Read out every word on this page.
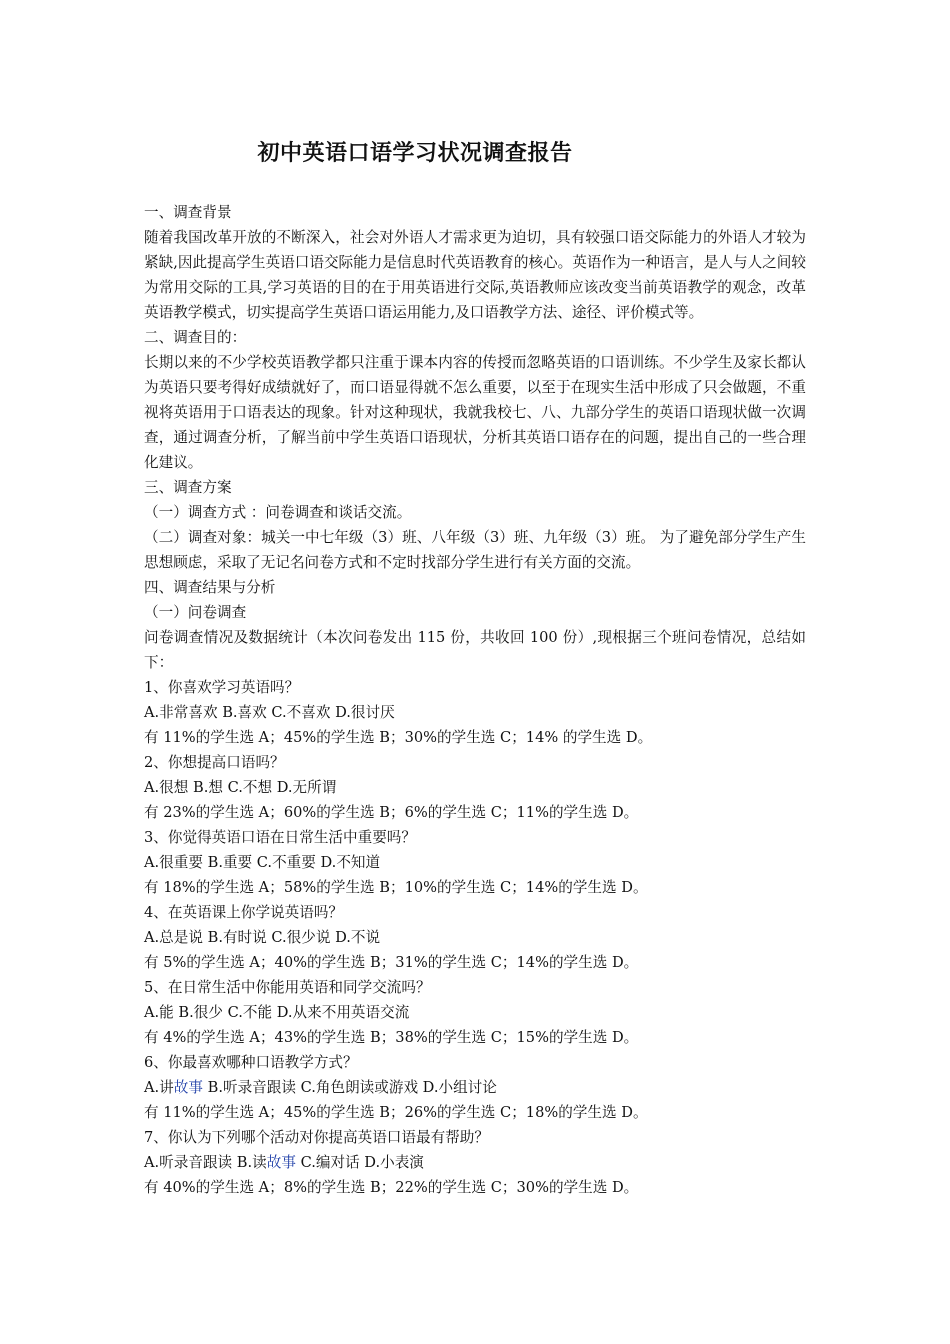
初中英语口语学习状况调查报告

一、调查背景

随着我国改革开放的不断深入，社会对外语人才需求更为迫切，具有较强口语交际能力的外语人才较为紧缺,因此提高学生英语口语交际能力是信息时代英语教育的核心。英语作为一种语言，是人与人之间较为常用交际的工具,学习英语的目的在于用英语进行交际,英语教师应该改变当前英语教学的观念，改革英语教学模式，切实提高学生英语口语运用能力,及口语教学方法、途径、评价模式等。

二、调查目的：

长期以来的不少学校英语教学都只注重于课本内容的传授而忽略英语的口语训练。不少学生及家长都认为英语只要考得好成绩就好了，而口语显得就不怎么重要，以至于在现实生活中形成了只会做题，不重视将英语用于口语表达的现象。针对这种现状，我就我校七、八、九部分学生的英语口语现状做一次调查，通过调查分析，了解当前中学生英语口语现状，分析其英语口语存在的问题，提出自己的一些合理化建议。

三、调查方案

（一）调查方式 ：问卷调查和谈话交流。

（二）调查对象：城关一中七年级（3）班、八年级（3）班、九年级（3）班。 为了避免部分学生产生思想顾虑，采取了无记名问卷方式和不定时找部分学生进行有关方面的交流。

四、调查结果与分析

（一）问卷调查

问卷调查情况及数据统计（本次问卷发出 115 份，共收回 100 份）,现根据三个班问卷情况，总结如下：

1、你喜欢学习英语吗？

A.非常喜欢 B.喜欢 C.不喜欢 D.很讨厌

有 11%的学生选 A；45%的学生选 B；30%的学生选 C；14% 的学生选 D。

2、你想提高口语吗？

A.很想 B.想 C.不想 D.无所谓

有 23%的学生选 A；60%的学生选 B；6%的学生选 C；11%的学生选 D。

3、你觉得英语口语在日常生活中重要吗？

A.很重要 B.重要 C.不重要 D.不知道

有 18%的学生选 A；58%的学生选 B；10%的学生选 C；14%的学生选 D。

4、在英语课上你学说英语吗？

A.总是说 B.有时说 C.很少说 D.不说

有 5%的学生选 A；40%的学生选 B；31%的学生选 C；14%的学生选 D。

5、在日常生活中你能用英语和同学交流吗？

A.能 B.很少 C.不能 D.从来不用英语交流

有 4%的学生选 A；43%的学生选 B；38%的学生选 C；15%的学生选 D。

6、你最喜欢哪种口语教学方式？

A.讲故事 B.听录音跟读 C.角色朗读或游戏 D.小组讨论

有 11%的学生选 A；45%的学生选 B；26%的学生选 C；18%的学生选 D。

7、你认为下列哪个活动对你提高英语口语最有帮助？

A.听录音跟读 B.读故事 C.编对话 D.小表演

有 40%的学生选 A；8%的学生选 B；22%的学生选 C；30%的学生选 D。
